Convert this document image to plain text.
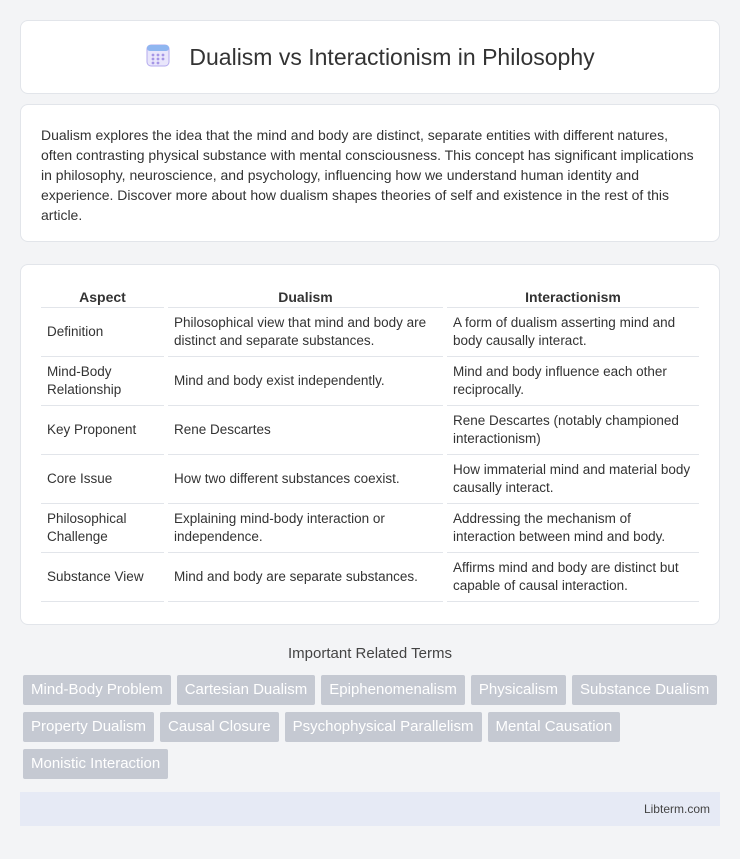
Dualism vs Interactionism in Philosophy

Dualism explores the idea that the mind and body are distinct, separate entities with different natures, often contrasting physical substance with mental consciousness. This concept has significant implications in philosophy, neuroscience, and psychology, influencing how we understand human identity and experience. Discover more about how dualism shapes theories of self and existence in the rest of this article.

Aspect	Dualism	Interactionism
Definition	Philosophical view that mind and body are distinct and separate substances.	A form of dualism asserting mind and body causally interact.
Mind-Body Relationship	Mind and body exist independently.	Mind and body influence each other reciprocally.
Key Proponent	Rene Descartes	Rene Descartes (notably championed interactionism)
Core Issue	How two different substances coexist.	How immaterial mind and material body causally interact.
Philosophical Challenge	Explaining mind-body interaction or independence.	Addressing the mechanism of interaction between mind and body.
Substance View	Mind and body are separate substances.	Affirms mind and body are distinct but capable of causal interaction.
Important Related Terms
Mind-Body Problem	Cartesian Dualism	Epiphenomenalism	Physicalism	Substance Dualism
Property Dualism	Causal Closure	Psychophysical Parallelism	Mental Causation
Monistic Interaction
Libterm.com
